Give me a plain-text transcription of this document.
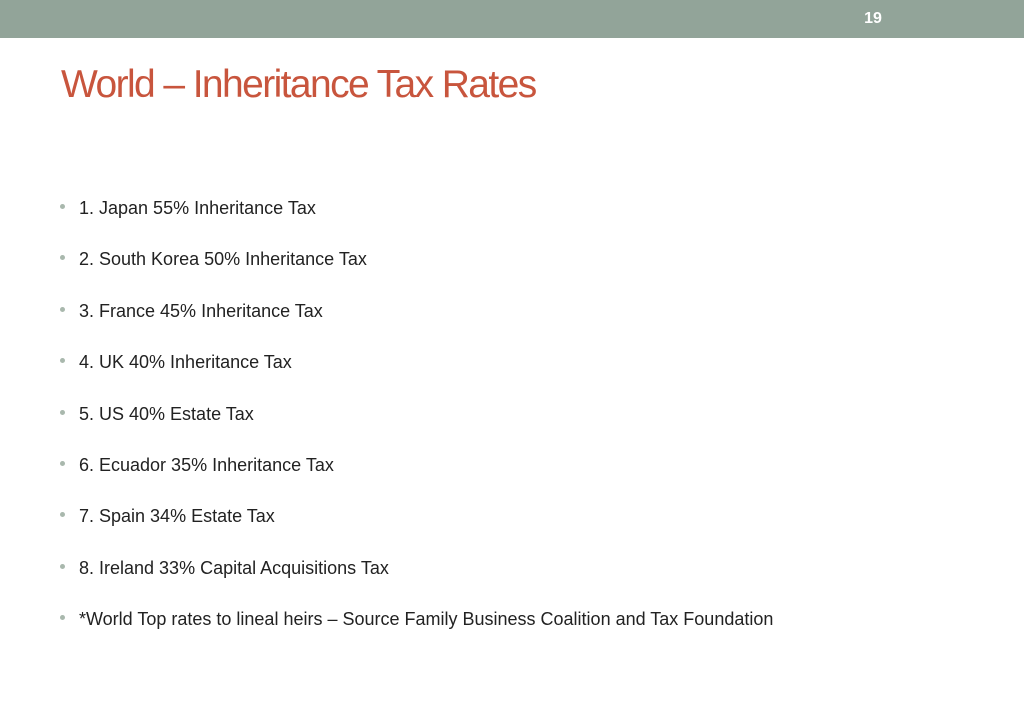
19
World – Inheritance Tax Rates
1. Japan 55% Inheritance Tax
2. South Korea 50% Inheritance Tax
3. France 45% Inheritance Tax
4. UK 40% Inheritance Tax
5. US 40% Estate Tax
6. Ecuador 35% Inheritance Tax
7. Spain 34% Estate Tax
8. Ireland 33% Capital Acquisitions Tax
*World Top rates to lineal heirs – Source Family Business Coalition and Tax Foundation
